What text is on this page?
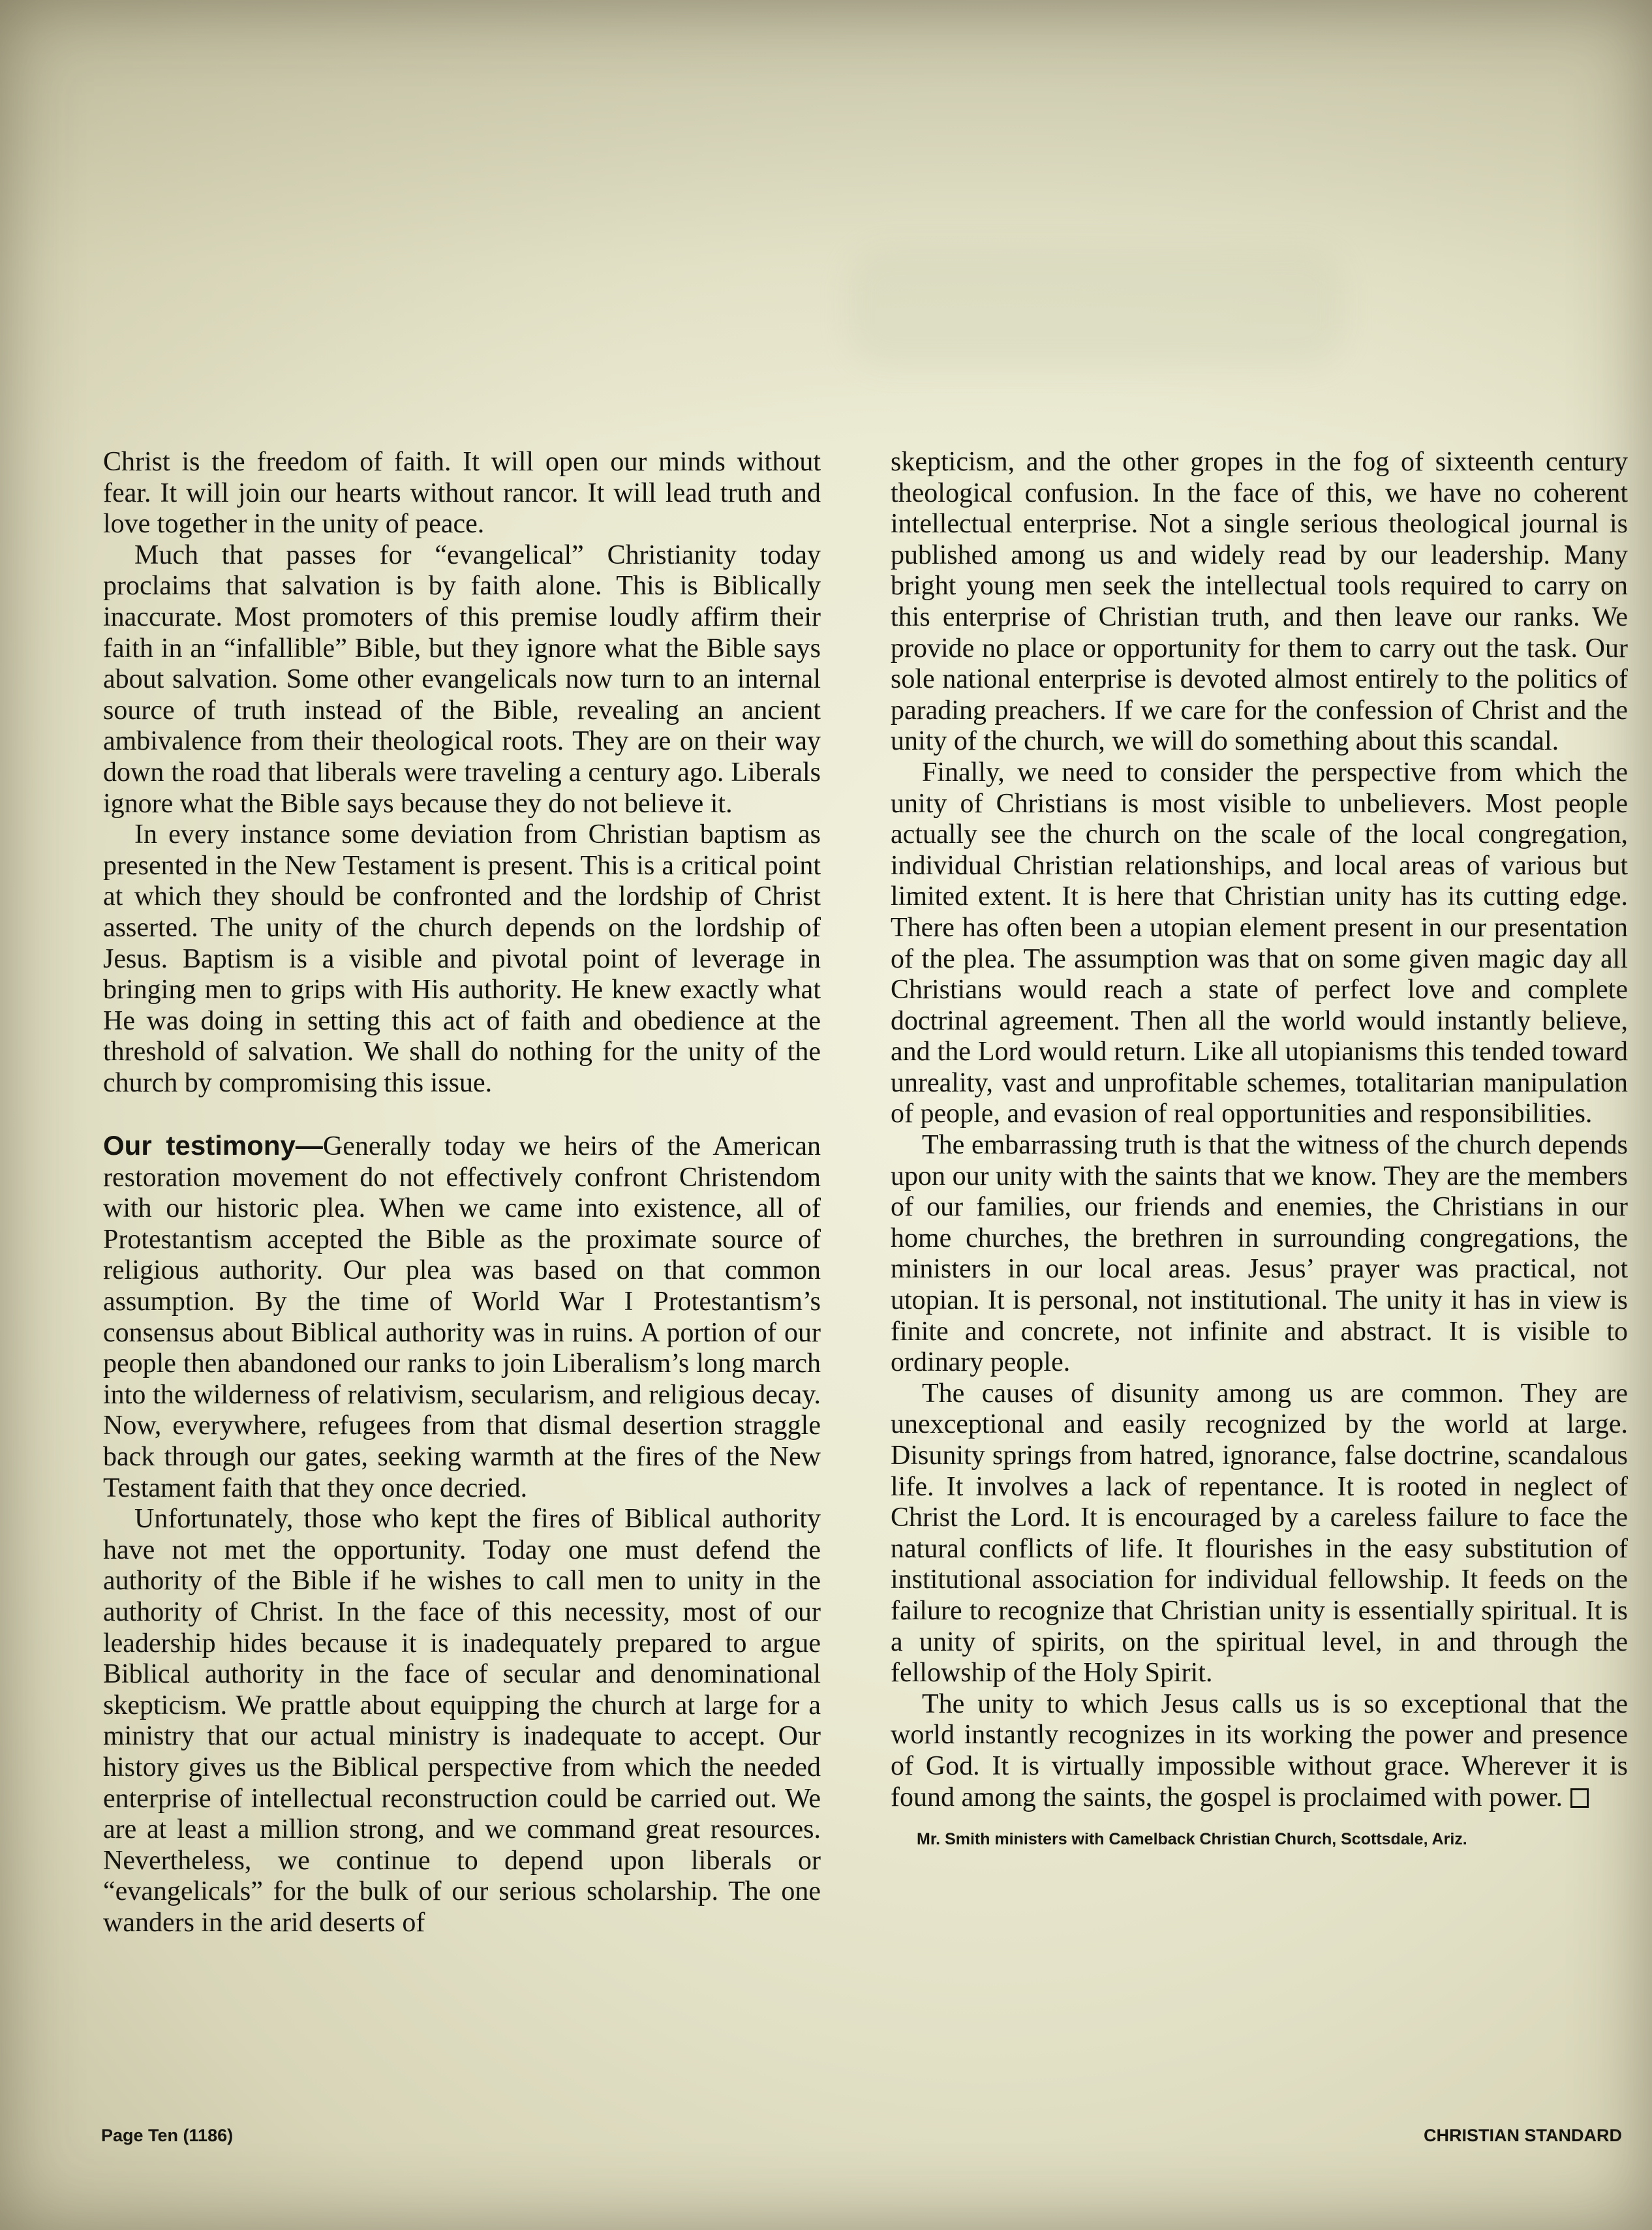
Christ is the freedom of faith. It will open our minds without fear. It will join our hearts without rancor. It will lead truth and love together in the unity of peace.

Much that passes for “evangelical” Christianity today proclaims that salvation is by faith alone. This is Biblically inaccurate. Most promoters of this premise loudly affirm their faith in an “infallible” Bible, but they ignore what the Bible says about salvation. Some other evangelicals now turn to an internal source of truth instead of the Bible, revealing an ancient ambivalence from their theological roots. They are on their way down the road that liberals were traveling a century ago. Liberals ignore what the Bible says because they do not believe it.

In every instance some deviation from Christian baptism as presented in the New Testament is present. This is a critical point at which they should be confronted and the lordship of Christ asserted. The unity of the church depends on the lordship of Jesus. Baptism is a visible and pivotal point of leverage in bringing men to grips with His authority. He knew exactly what He was doing in setting this act of faith and obedience at the threshold of salvation. We shall do nothing for the unity of the church by compromising this issue.

Our testimony—Generally today we heirs of the American restoration movement do not effectively confront Christendom with our historic plea. When we came into existence, all of Protestantism accepted the Bible as the proximate source of religious authority. Our plea was based on that common assumption. By the time of World War I Protestantism’s consensus about Biblical authority was in ruins. A portion of our people then abandoned our ranks to join Liberalism’s long march into the wilderness of relativism, secularism, and religious decay. Now, everywhere, refugees from that dismal desertion straggle back through our gates, seeking warmth at the fires of the New Testament faith that they once decried.

Unfortunately, those who kept the fires of Biblical authority have not met the opportunity. Today one must defend the authority of the Bible if he wishes to call men to unity in the authority of Christ. In the face of this necessity, most of our leadership hides because it is inadequately prepared to argue Biblical authority in the face of secular and denominational skepticism. We prattle about equipping the church at large for a ministry that our actual ministry is inadequate to accept. Our history gives us the Biblical perspective from which the needed enterprise of intellectual reconstruction could be carried out. We are at least a million strong, and we command great resources. Nevertheless, we continue to depend upon liberals or “evangelicals” for the bulk of our serious scholarship. The one wanders in the arid deserts of

skepticism, and the other gropes in the fog of sixteenth century theological confusion. In the face of this, we have no coherent intellectual enterprise. Not a single serious theological journal is published among us and widely read by our leadership. Many bright young men seek the intellectual tools required to carry on this enterprise of Christian truth, and then leave our ranks. We provide no place or opportunity for them to carry out the task. Our sole national enterprise is devoted almost entirely to the politics of parading preachers. If we care for the confession of Christ and the unity of the church, we will do something about this scandal.

Finally, we need to consider the perspective from which the unity of Christians is most visible to unbelievers. Most people actually see the church on the scale of the local congregation, individual Christian relationships, and local areas of various but limited extent. It is here that Christian unity has its cutting edge. There has often been a utopian element present in our presentation of the plea. The assumption was that on some given magic day all Christians would reach a state of perfect love and complete doctrinal agreement. Then all the world would instantly believe, and the Lord would return. Like all utopianisms this tended toward unreality, vast and unprofitable schemes, totalitarian manipulation of people, and evasion of real opportunities and responsibilities.

The embarrassing truth is that the witness of the church depends upon our unity with the saints that we know. They are the members of our families, our friends and enemies, the Christians in our home churches, the brethren in surrounding congregations, the ministers in our local areas. Jesus’ prayer was practical, not utopian. It is personal, not institutional. The unity it has in view is finite and concrete, not infinite and abstract. It is visible to ordinary people.

The causes of disunity among us are common. They are unexceptional and easily recognized by the world at large. Disunity springs from hatred, ignorance, false doctrine, scandalous life. It involves a lack of repentance. It is rooted in neglect of Christ the Lord. It is encouraged by a careless failure to face the natural conflicts of life. It flourishes in the easy substitution of institutional association for individual fellowship. It feeds on the failure to recognize that Christian unity is essentially spiritual. It is a unity of spirits, on the spiritual level, in and through the fellowship of the Holy Spirit.

The unity to which Jesus calls us is so exceptional that the world instantly recognizes in its working the power and presence of God. It is virtually impossible without grace. Wherever it is found among the saints, the gospel is proclaimed with power.

Mr. Smith ministers with Camelback Christian Church, Scottsdale, Ariz.
Page Ten (1186)	CHRISTIAN STANDARD
